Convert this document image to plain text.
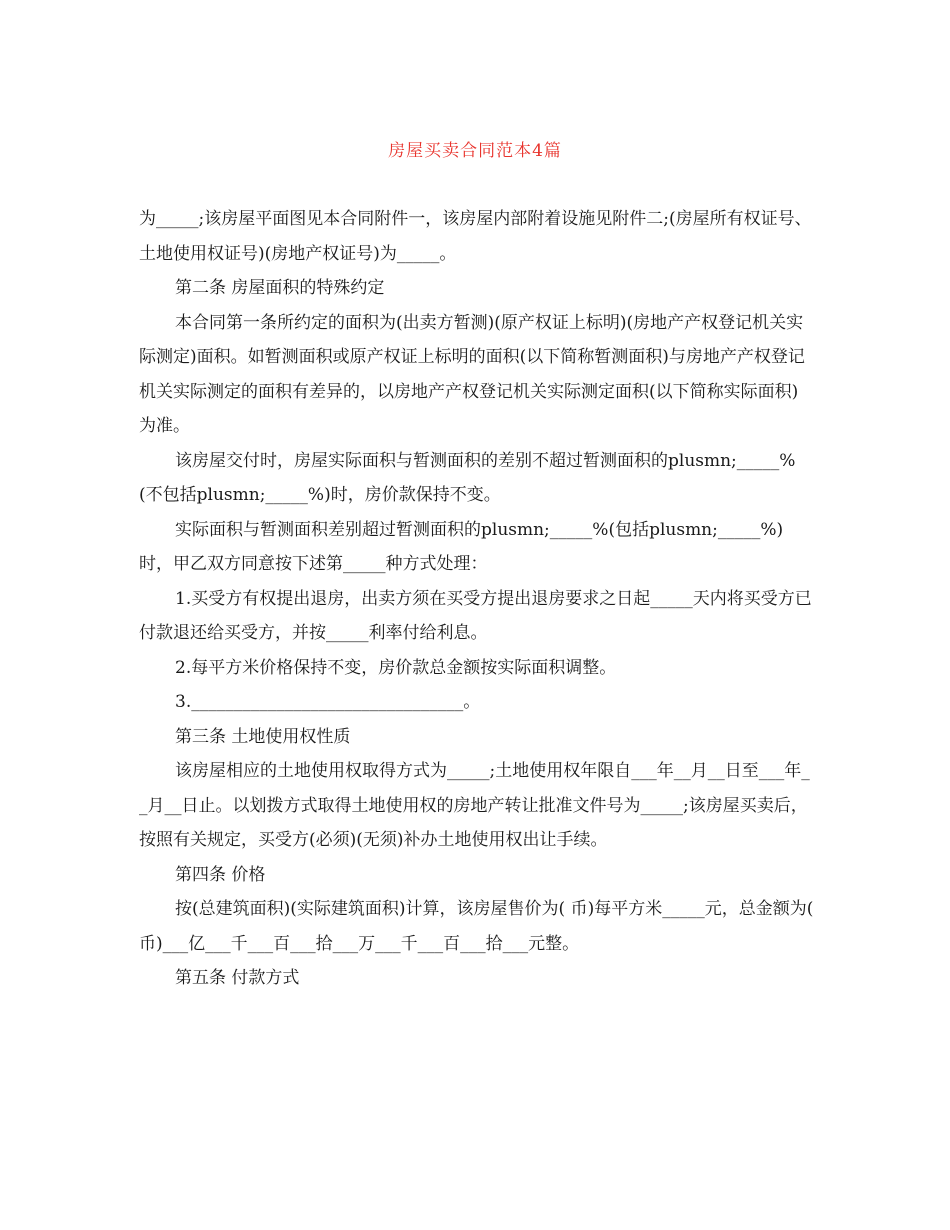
房屋买卖合同范本4篇

为_____;该房屋平面图见本合同附件一，该房屋内部附着设施见附件二;(房屋所有权证号、土地使用权证号)(房地产权证号)为_____。

第二条 房屋面积的特殊约定

本合同第一条所约定的面积为(出卖方暂测)(原产权证上标明)(房地产产权登记机关实际测定)面积。如暂测面积或原产权证上标明的面积(以下简称暂测面积)与房地产产权登记机关实际测定的面积有差异的，以房地产产权登记机关实际测定面积(以下简称实际面积)为准。

该房屋交付时，房屋实际面积与暂测面积的差别不超过暂测面积的plusmn;_____%(不包括plusmn;_____%)时，房价款保持不变。

实际面积与暂测面积差别超过暂测面积的plusmn;_____%(包括plusmn;_____%)时，甲乙双方同意按下述第_____种方式处理：

1.买受方有权提出退房，出卖方须在买受方提出退房要求之日起_____天内将买受方已付款退还给买受方，并按_____利率付给利息。

2.每平方米价格保持不变，房价款总金额按实际面积调整。

3.________________________________。

第三条 土地使用权性质

该房屋相应的土地使用权取得方式为_____;土地使用权年限自___年__月__日至___年__月__日止。以划拨方式取得土地使用权的房地产转让批准文件号为_____;该房屋买卖后，按照有关规定，买受方(必须)(无须)补办土地使用权出让手续。

第四条 价格

按(总建筑面积)(实际建筑面积)计算，该房屋售价为( 币)每平方米_____元，总金额为( 币)___亿___千___百___拾___万___千___百___拾___元整。

第五条 付款方式
